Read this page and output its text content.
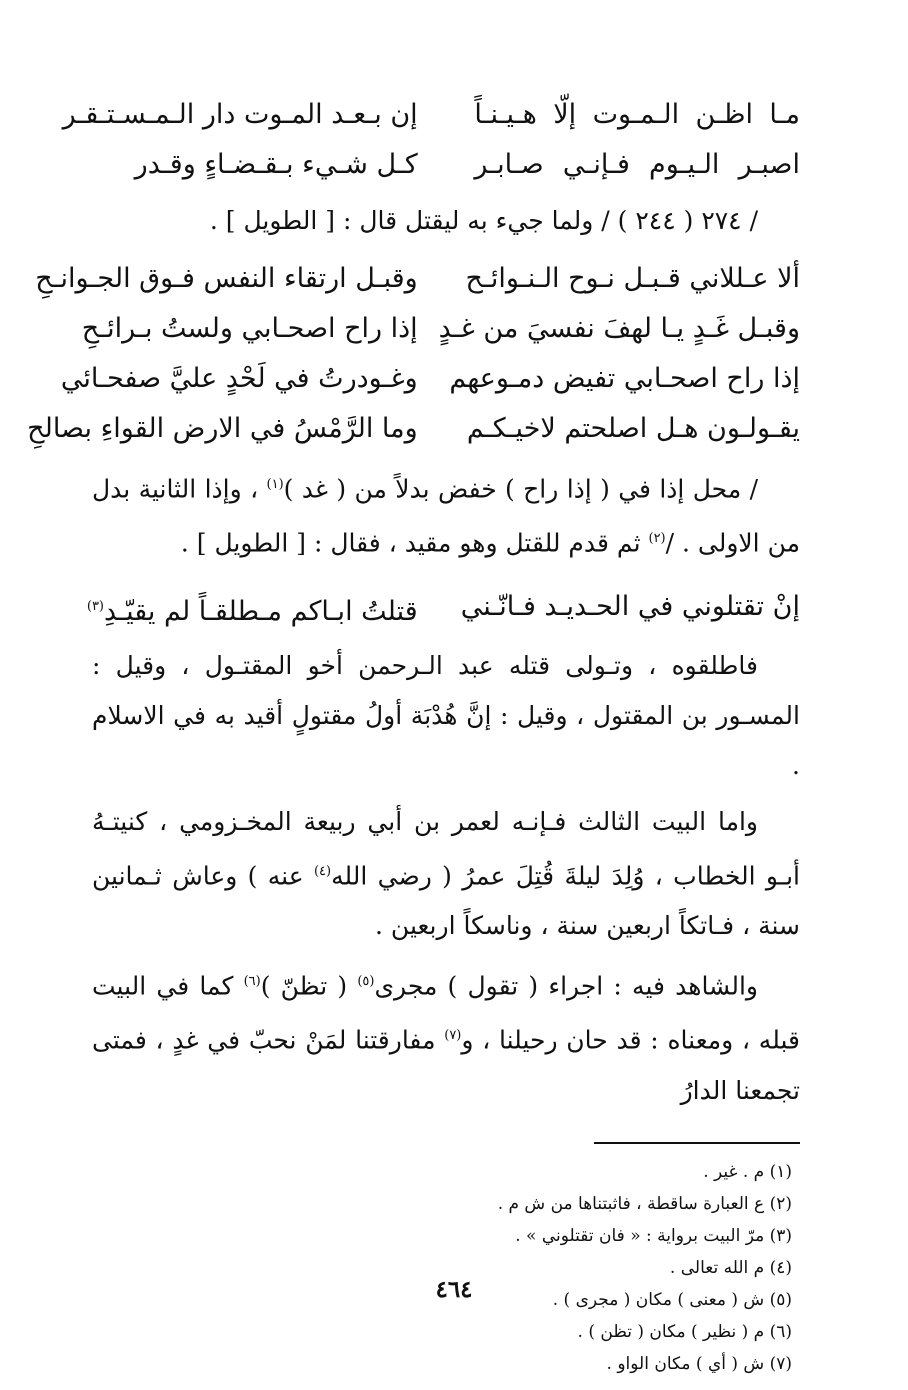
مـا اظـن الـمـوت إلّا هـيـنـاً
إن بـعـد المـوت دار الـمـسـتـقـر
اصبـر الـيـوم فـإنـي صـابـر
كـل شـيء بـقـضـاءٍ وقـدر

/ ٢٧٤ ( ٢٤٤ ) / ولما جيء به ليقتل قال : [ الطويل ] .

ألا عـللاني قـبـل نـوح الـنـوائـح
وقبـل ارتقاء النفس فـوق الجـوانـحِ
وقبـل غَـدٍ يـا لهفَ نفسيَ من غـدٍ
إذا راح اصحـابي ولستُ بـرائـحِ
إذا راح اصحـابي تفيض دمـوعهم
وغـودرتُ في لَحْدٍ عليَّ صفحـائي
يقـولـون هـل اصلحتم لاخيـكـم
وما الرَّمْسُ في الارض القواءِ بصالحِ

/ محل إذا في ( إذا راح ) خفض بدلاً من ( غد )$^{(١)}$ ، وإذا الثانية بدل من الاولى . /$^{(٢)}$ ثم قدم للقتل وهو مقيد ، فقال : [ الطويل ] .

إنْ تقتلوني في الحـديـد فـانّـني
قتلتُ ابـاكم مـطلقـاً لم يقيّـدِ$^{(٣)}$

فاطلقوه ، وتـولى قتله عبد الـرحمن أخو المقتـول ، وقيل : المسـور بن المقتول ، وقيل : إنَّ هُدْبَة أولُ مقتولٍ أقيد به في الاسلام .

واما البيت الثالث فـإنـه لعمر بن أبي ربيعة المخـزومي ، كنيتـهُ أبـو الخطاب ، وُلِدَ ليلةَ قُتِلَ عمرُ ( رضي الله$^{(٤)}$ عنه ) وعاش ثـمانين سنة ، فـاتكاً اربعين سنة ، وناسكاً اربعين .

والشاهد فيه : اجراء ( تقول ) مجرى$^{(٥)}$ ( تظنّ )$^{(٦)}$ كما في البيت قبله ، ومعناه : قد حان رحيلنا ، و$^{(٧)}$ مفارقتنا لمَنْ نحبّ في غدٍ ، فمتى تجمعنا الدارُ

(١) م . غير .
(٢) ع العبارة ساقطة ، فاثبتناها من ش م .
(٣) مرّ البيت برواية : « فان تقتلوني » .
(٤) م الله تعالى .
(٥) ش ( معنى ) مكان ( مجرى ) .
(٦) م ( نظير ) مكان ( تظن ) .
(٧) ش ( أي ) مكان الواو .
٤٦٤
